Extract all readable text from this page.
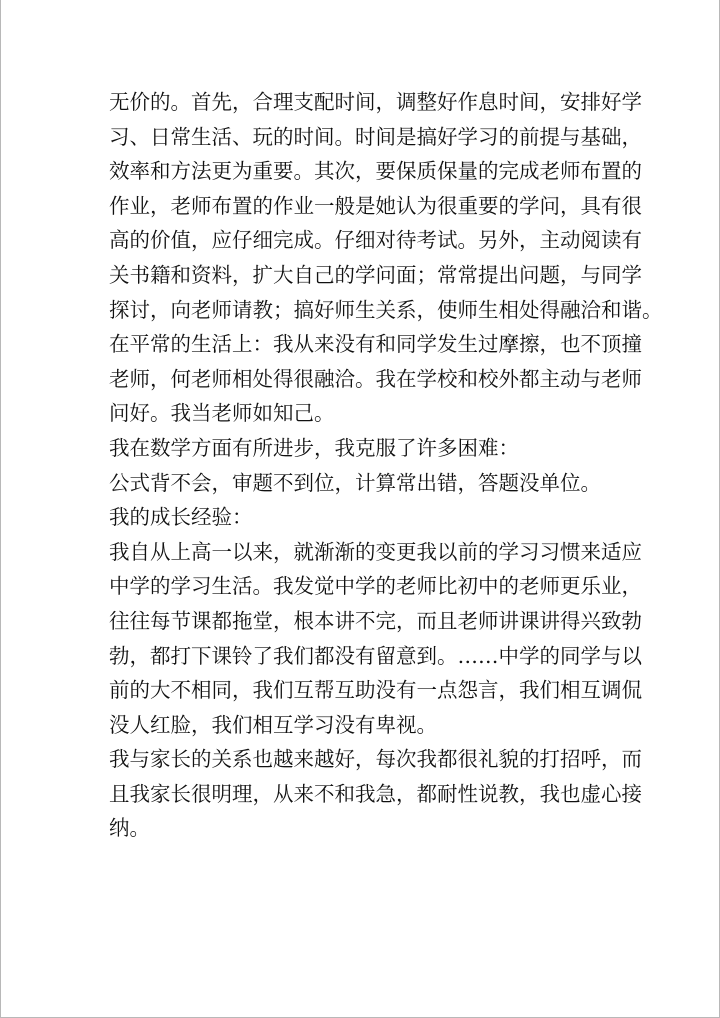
无价的。首先，合理支配时间，调整好作息时间，安排好学
习、日常生活、玩的时间。时间是搞好学习的前提与基础，
效率和方法更为重要。其次，要保质保量的完成老师布置的
作业，老师布置的作业一般是她认为很重要的学问，具有很
高的价值，应仔细完成。仔细对待考试。另外，主动阅读有
关书籍和资料，扩大自己的学问面；常常提出问题，与同学
探讨，向老师请教；搞好师生关系，使师生相处得融洽和谐。
在平常的生活上：我从来没有和同学发生过摩擦，也不顶撞
老师，何老师相处得很融洽。我在学校和校外都主动与老师
问好。我当老师如知己。
我在数学方面有所进步，我克服了许多困难：
公式背不会，审题不到位，计算常出错，答题没单位。
我的成长经验：
我自从上高一以来，就渐渐的变更我以前的学习习惯来适应
中学的学习生活。我发觉中学的老师比初中的老师更乐业，
往往每节课都拖堂，根本讲不完，而且老师讲课讲得兴致勃
勃，都打下课铃了我们都没有留意到。……中学的同学与以
前的大不相同，我们互帮互助没有一点怨言，我们相互调侃
没人红脸，我们相互学习没有卑视。
我与家长的关系也越来越好，每次我都很礼貌的打招呼，而
且我家长很明理，从来不和我急，都耐性说教，我也虚心接
纳。
